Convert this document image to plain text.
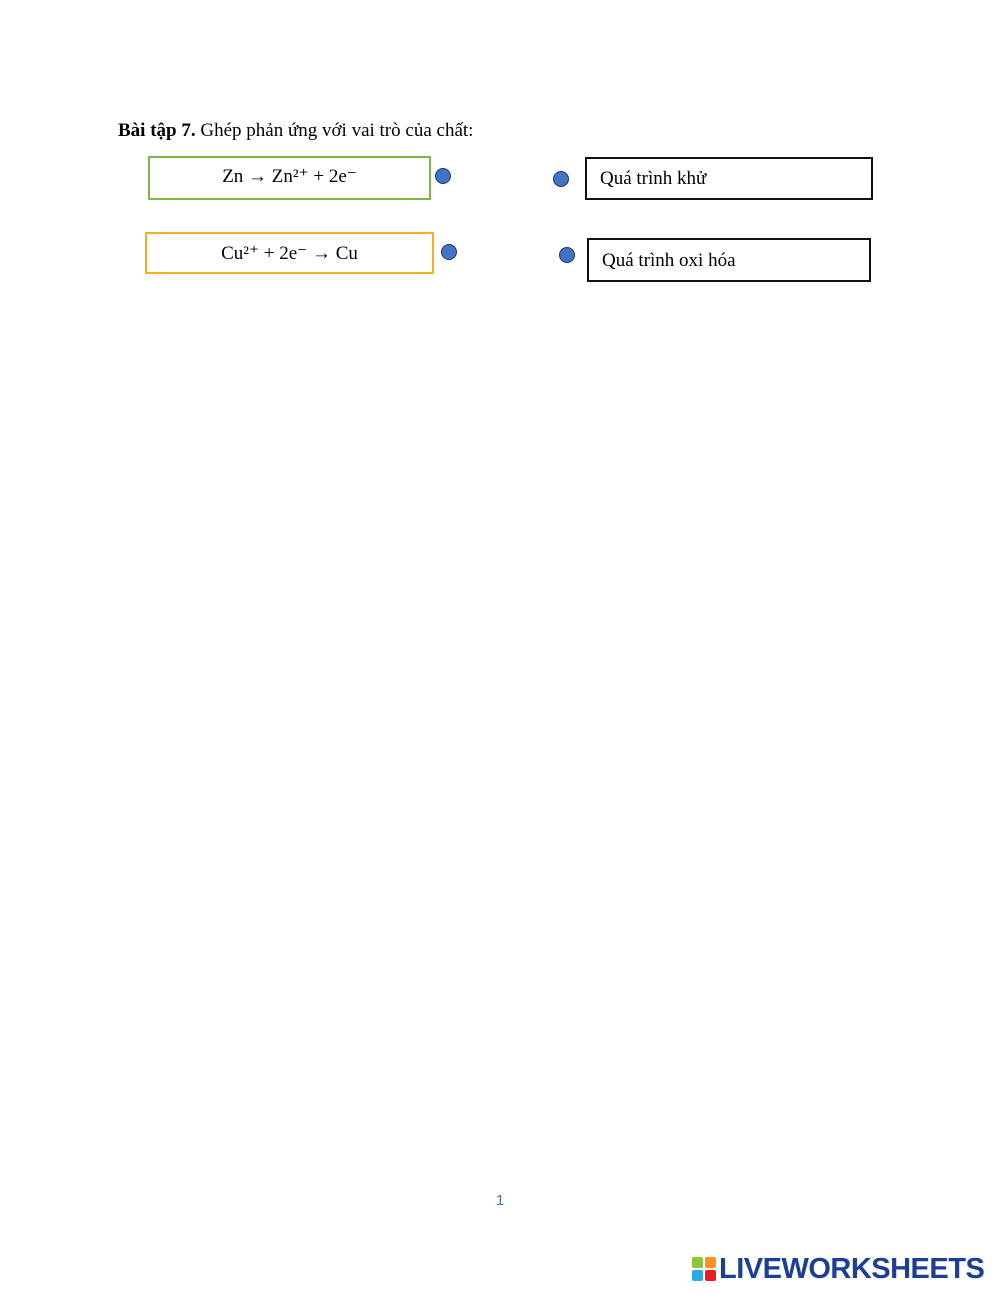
Bài tập 7. Ghép phản ứng với vai trò của chất:
Zn → Zn²⁺ + 2e⁻
Cu²⁺ + 2e⁻ → Cu
Quá trình khử
Quá trình oxi hóa
1
LIVEWORKSHEETS
